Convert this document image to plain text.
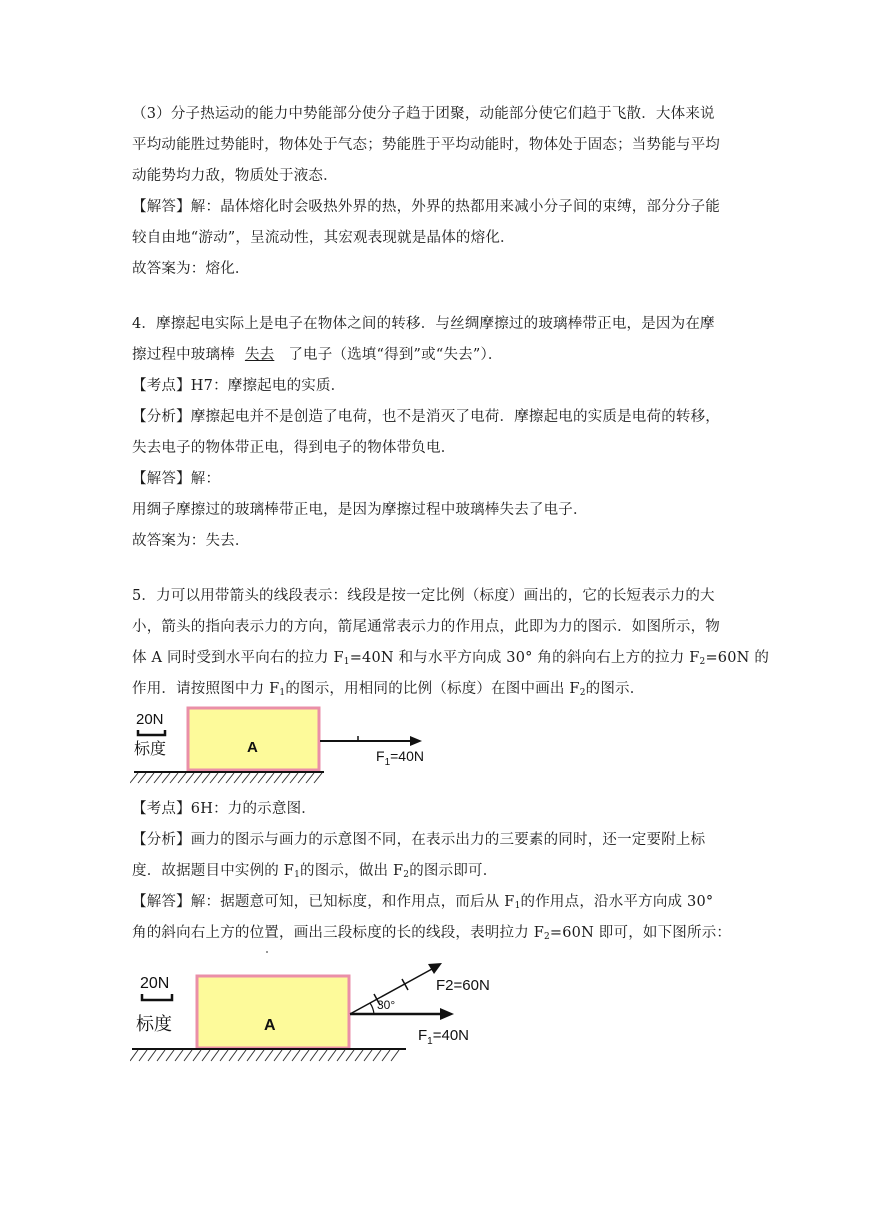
（3）分子热运动的能力中势能部分使分子趋于团聚，动能部分使它们趋于飞散．大体来说
平均动能胜过势能时，物体处于气态；势能胜于平均动能时，物体处于固态；当势能与平均
动能势均力敌，物质处于液态．
【解答】解：晶体熔化时会吸热外界的热，外界的热都用来减小分子间的束缚，部分分子能
较自由地“游动”，呈流动性，其宏观表现就是晶体的熔化．
故答案为：熔化．
4．摩擦起电实际上是电子在物体之间的转移．与丝绸摩擦过的玻璃棒带正电，是因为在摩
擦过程中玻璃棒 失去 了电子（选填“得到”或“失去”）．
【考点】H7：摩擦起电的实质．
【分析】摩擦起电并不是创造了电荷，也不是消灭了电荷．摩擦起电的实质是电荷的转移，
失去电子的物体带正电，得到电子的物体带负电．
【解答】解：
用绸子摩擦过的玻璃棒带正电，是因为摩擦过程中玻璃棒失去了电子．
故答案为：失去．
5．力可以用带箭头的线段表示：线段是按一定比例（标度）画出的，它的长短表示力的大
小，箭头的指向表示力的方向，箭尾通常表示力的作用点，此即为力的图示．如图所示，物
体 A 同时受到水平向右的拉力 $F_1=40N$ 和与水平方向成 30° 角的斜向右上方的拉力 $F_2=60N$ 的
作用．请按照图中力 $F_1$的图示，用相同的比例（标度）在图中画出 $F_2$的图示．
20N
标度	A	$F_1=40N$
【考点】6H：力的示意图．
【分析】画力的图示与画力的示意图不同，在表示出力的三要素的同时，还一定要附上标
度．故据题目中实例的 $F_1$的图示，做出 $F_2$的图示即可．
【解答】解：据题意可知，已知标度，和作用点，而后从 $F_1$的作用点，沿水平方向成 30°
角的斜向右上方的位置，画出三段标度的长的线段，表明拉力 $F_2=60N$ 即可，如下图所示：
20N
标度	A
$F_1=40N$
30°
F2=60N
